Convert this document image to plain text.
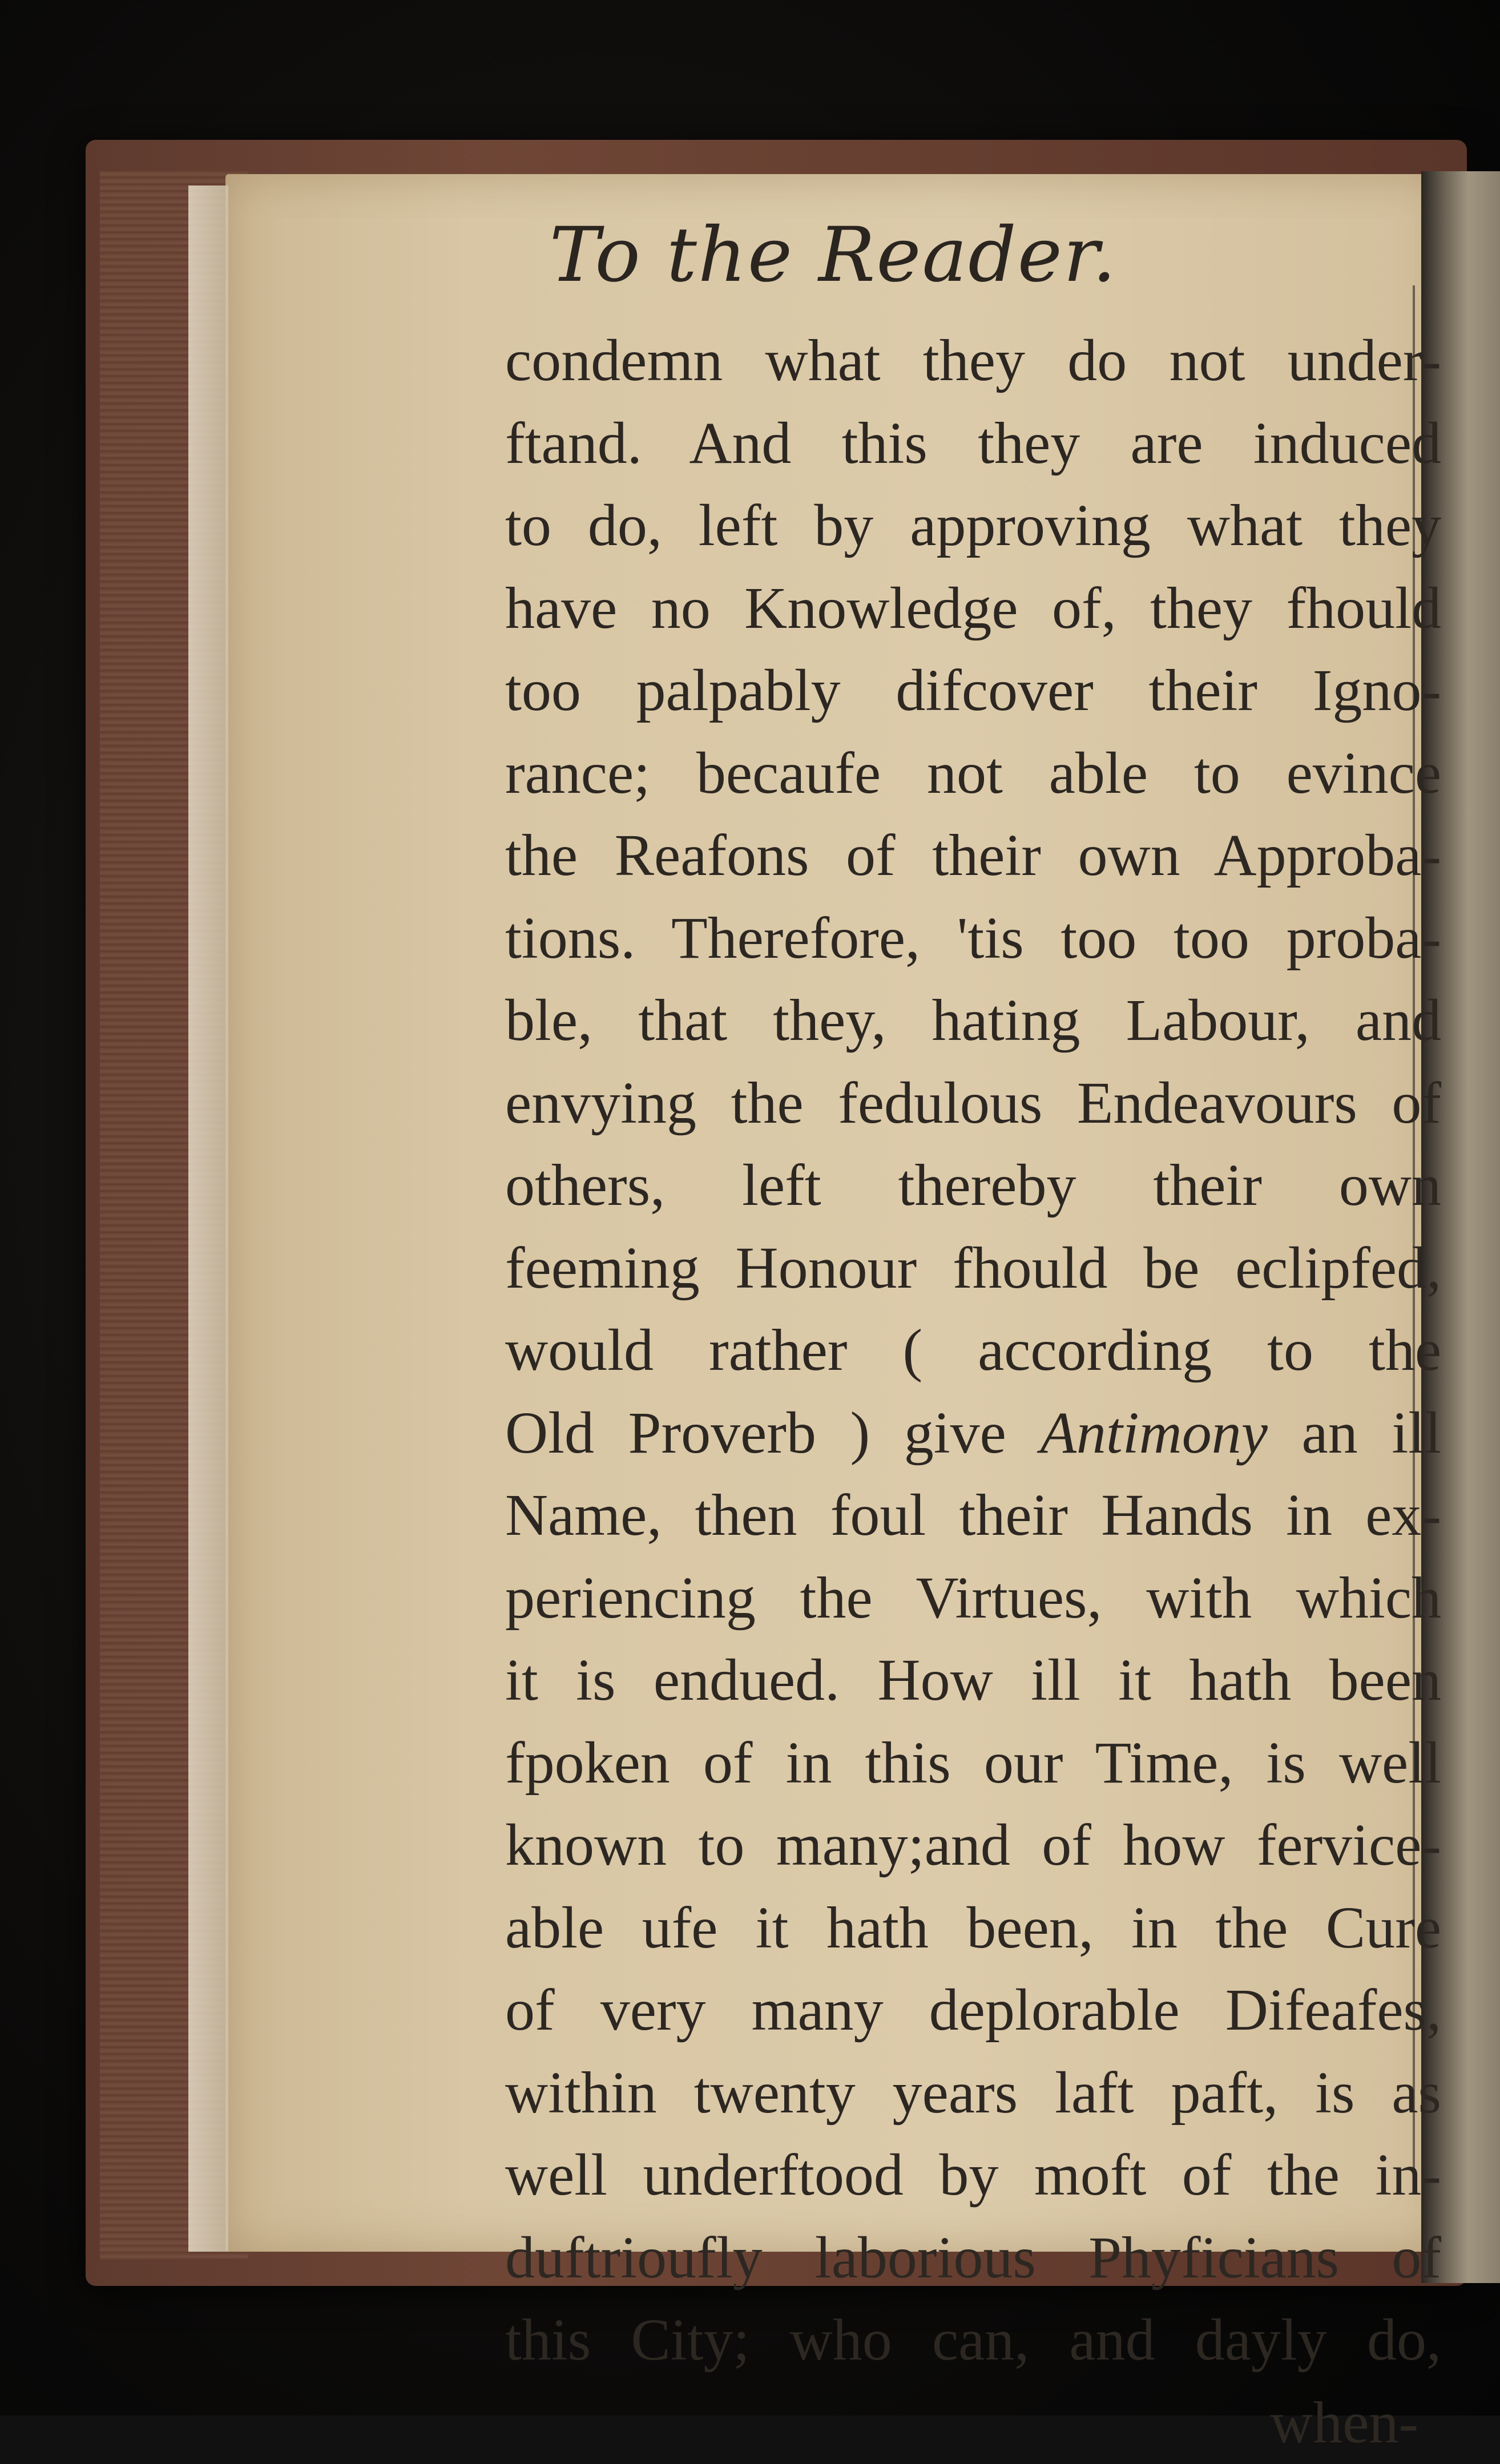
To the Reader.
condemn what they do not under-
ftand. And this they are induced
to do, left by approving what they
have no Knowledge of, they fhould
too palpably difcover their Igno-
rance; becaufe not able to evince
the Reafons of their own Approba-
tions. Therefore, 'tis too too proba-
ble, that they, hating Labour, and
envying the fedulous Endeavours of
others, left thereby their own
feeming Honour fhould be eclipfed,
would rather ( according to the
Old Proverb ) give Antimony an ill
Name, then foul their Hands in ex-
periencing the Virtues, with which
it is endued. How ill it hath been
fpoken of in this our Time, is well
known to many;and of how fervice-
able ufe it hath been, in the Cure
of very many deplorable Difeafes,
within twenty years laft paft, is as
well underftood by moft of the in-
duftrioufly laborious Phyficians of
this City; who can, and dayly do,
when-
